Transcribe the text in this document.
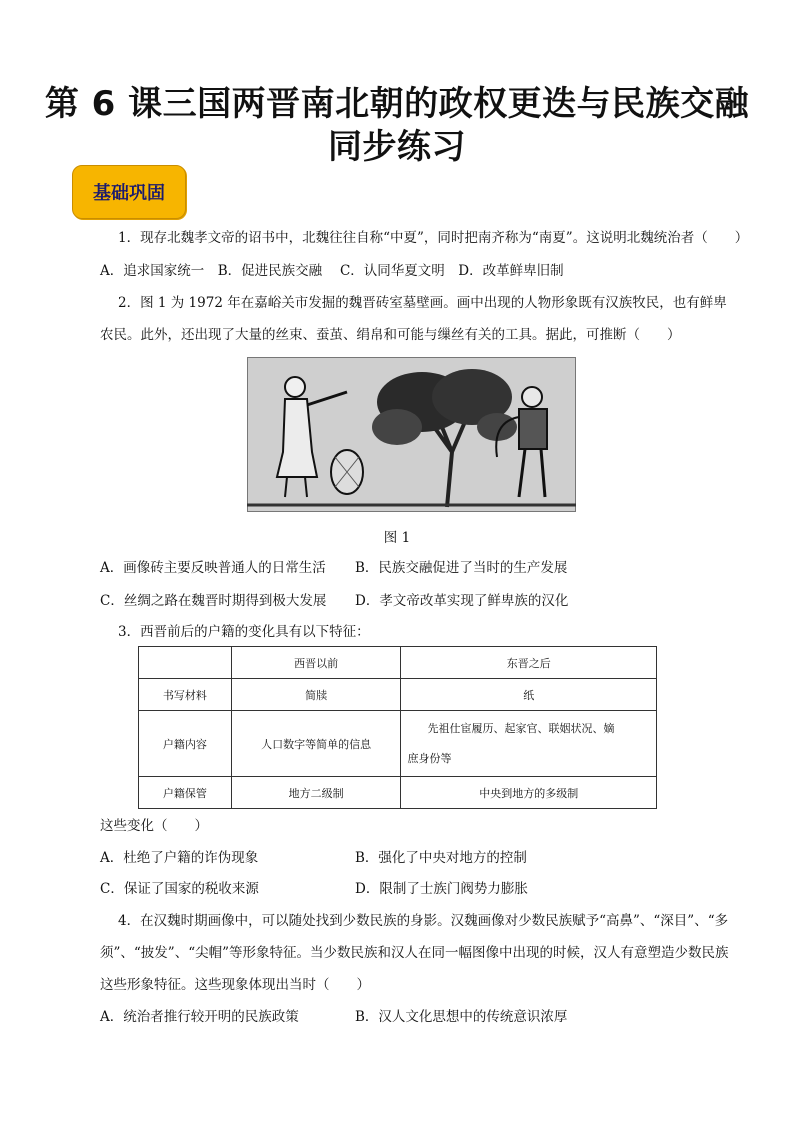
第 6 课三国两晋南北朝的政权更迭与民族交融
同步练习
基础巩固
1．现存北魏孝文帝的诏书中，北魏往往自称“中夏”，同时把南齐称为“南夏”。这说明北魏统治者（　　）
A．追求国家统一　B．促进民族交融　 C．认同华夏文明　D．改革鲜卑旧制
2．图 1 为 1972 年在嘉峪关市发掘的魏晋砖室墓壁画。画中出现的人物形象既有汉族牧民，也有鲜卑
农民。此外，还出现了大量的丝束、蚕茧、绢帛和可能与缫丝有关的工具。据此，可推断（　　）
图 1
A．画像砖主要反映普通人的日常生活 B．民族交融促进了当时的生产发展
C．丝绸之路在魏晋时期得到极大发展 D．孝文帝改革实现了鲜卑族的汉化
3．西晋前后的户籍的变化具有以下特征：
	西晋以前	东晋之后
书写材料	简牍	纸
户籍内容	人口数字等简单的信息	先祖仕宦履历、起家官、联姻状况、嫡
庶身份等

户籍保管	地方二级制	中央到地方的多级制
这些变化（　　）
A．杜绝了户籍的诈伪现象	B．强化了中央对地方的控制
C．保证了国家的税收来源	D．限制了士族门阀势力膨胀
4．在汉魏时期画像中，可以随处找到少数民族的身影。汉魏画像对少数民族赋予“高鼻”、“深目”、“多
须”、“披发”、“尖帽”等形象特征。当少数民族和汉人在同一幅图像中出现的时候，汉人有意塑造少数民族
这些形象特征。这些现象体现出当时（　　）
A．统治者推行较开明的民族政策	B．汉人文化思想中的传统意识浓厚
